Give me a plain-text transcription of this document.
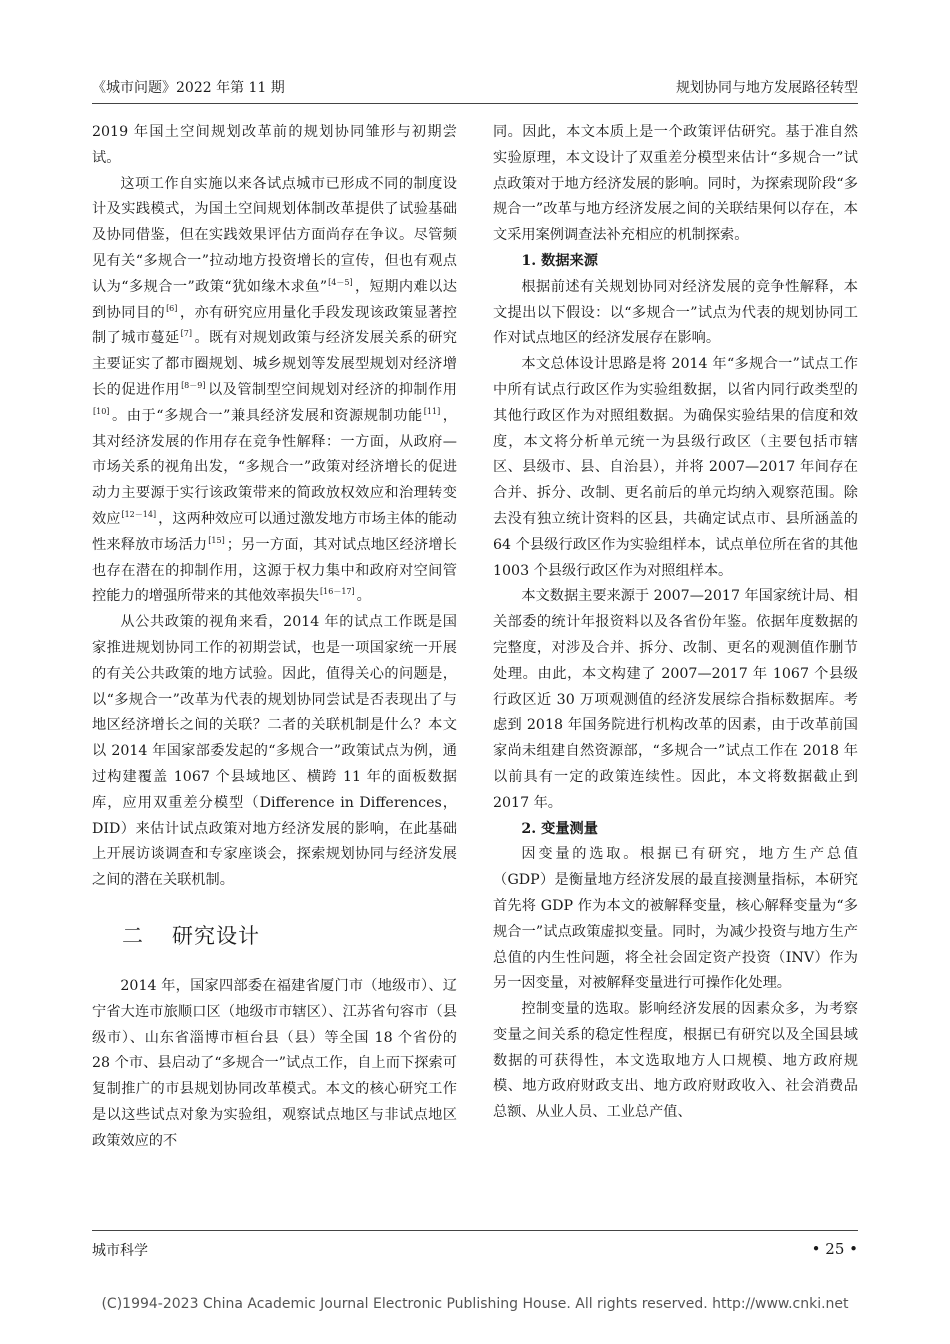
《城市问题》2022 年第 11 期	规划协同与地方发展路径转型

2019 年国土空间规划改革前的规划协同雏形与初期尝试。

这项工作自实施以来各试点城市已形成不同的制度设计及实践模式，为国土空间规划体制改革提供了试验基础及协同借鉴，但在实践效果评估方面尚存在争议。尽管频见有关“多规合一”拉动地方投资增长的宣传，但也有观点认为“多规合一”政策“犹如缘木求鱼”[4－5] ，短期内难以达到协同目的[6] ，亦有研究应用量化手段发现该政策显著控制了城市蔓延[7] 。既有对规划政策与经济发展关系的研究主要证实了都市圈规划、城乡规划等发展型规划对经济增长的促进作用[8－9] 以及管制型空间规划对经济的抑制作用[10] 。由于“多规合一”兼具经济发展和资源规制功能[11] ，其对经济发展的作用存在竞争性解释：一方面，从政府—市场关系的视角出发，“多规合一”政策对经济增长的促进动力主要源于实行该政策带来的简政放权效应和治理转变效应[12－14] ，这两种效应可以通过激发地方市场主体的能动性来释放市场活力[15] ；另一方面，其对试点地区经济增长也存在潜在的抑制作用，这源于权力集中和政府对空间管控能力的增强所带来的其他效率损失[16－17] 。

从公共政策的视角来看，2014 年的试点工作既是国家推进规划协同工作的初期尝试，也是一项国家统一开展的有关公共政策的地方试验。因此，值得关心的问题是，以“多规合一”改革为代表的规划协同尝试是否表现出了与地区经济增长之间的关联？二者的关联机制是什么？本文以 2014 年国家部委发起的“多规合一”政策试点为例，通过构建覆盖 1067 个县域地区、横跨 11 年的面板数据库，应用双重差分模型（Difference in Differences，DID）来估计试点政策对地方经济发展的影响，在此基础上开展访谈调查和专家座谈会，探索规划协同与经济发展之间的潜在关联机制。

二 研究设计

2014 年，国家四部委在福建省厦门市（地级市）、辽宁省大连市旅顺口区（地级市市辖区）、江苏省句容市（县级市）、山东省淄博市桓台县（县）等全国 18 个省份的 28 个市、县启动了“多规合一”试点工作，自上而下探索可复制推广的市县规划协同改革模式。本文的核心研究工作是以这些试点对象为实验组，观察试点地区与非试点地区政策效应的不

同。因此，本文本质上是一个政策评估研究。基于准自然实验原理，本文设计了双重差分模型来估计“多规合一”试点政策对于地方经济发展的影响。同时，为探索现阶段“多规合一”改革与地方经济发展之间的关联结果何以存在，本文采用案例调查法补充相应的机制探索。

1. 数据来源

根据前述有关规划协同对经济发展的竞争性解释，本文提出以下假设：以“多规合一”试点为代表的规划协同工作对试点地区的经济发展存在影响。

本文总体设计思路是将 2014 年“多规合一”试点工作中所有试点行政区作为实验组数据，以省内同行政类型的其他行政区作为对照组数据。为确保实验结果的信度和效度，本文将分析单元统一为县级行政区（主要包括市辖区、县级市、县、自治县），并将 2007—2017 年间存在合并、拆分、改制、更名前后的单元均纳入观察范围。除去没有独立统计资料的区县，共确定试点市、县所涵盖的 64 个县级行政区作为实验组样本，试点单位所在省的其他 1003 个县级行政区作为对照组样本。

本文数据主要来源于 2007—2017 年国家统计局、相关部委的统计年报资料以及各省份年鉴。依据年度数据的完整度，对涉及合并、拆分、改制、更名的观测值作删节处理。由此，本文构建了 2007—2017 年 1067 个县级行政区近 30 万项观测值的经济发展综合指标数据库。考虑到 2018 年国务院进行机构改革的因素，由于改革前国家尚未组建自然资源部，“多规合一”试点工作在 2018 年以前具有一定的政策连续性。因此，本文将数据截止到 2017 年。

2. 变量测量

因变量的选取。根据已有研究，地方生产总值（GDP）是衡量地方经济发展的最直接测量指标，本研究首先将 GDP 作为本文的被解释变量，核心解释变量为“多规合一”试点政策虚拟变量。同时，为减少投资与地方生产总值的内生性问题，将全社会固定资产投资（INV）作为另一因变量，对被解释变量进行可操作化处理。

控制变量的选取。影响经济发展的因素众多，为考察变量之间关系的稳定性程度，根据已有研究以及全国县域数据的可获得性，本文选取地方人口规模、地方政府规模、地方政府财政支出、地方政府财政收入、社会消费品总额、从业人员、工业总产值、

城市科学	• 25 •
(C)1994-2023 China Academic Journal Electronic Publishing House. All rights reserved. http://www.cnki.net
